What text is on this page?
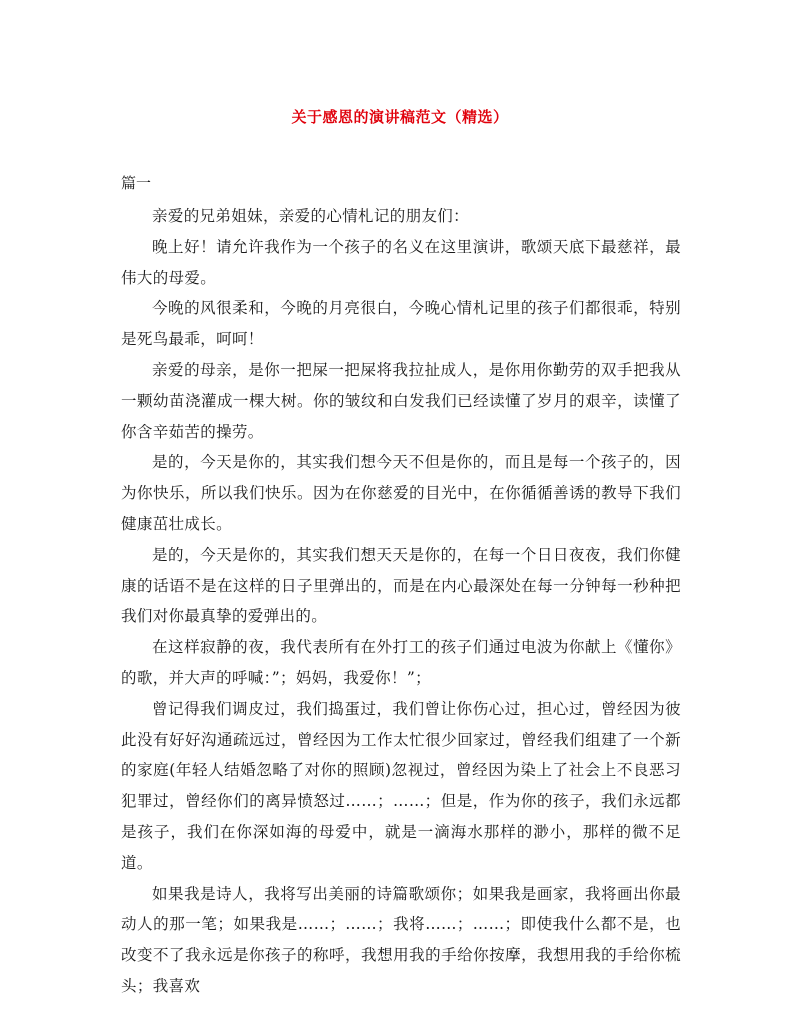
关于感恩的演讲稿范文（精选）
篇一

亲爱的兄弟姐妹，亲爱的心情札记的朋友们：

晚上好！请允许我作为一个孩子的名义在这里演讲，歌颂天底下最慈祥，最伟大的母爱。

今晚的风很柔和，今晚的月亮很白，今晚心情札记里的孩子们都很乖，特别是死鸟最乖，呵呵！

亲爱的母亲，是你一把屎一把屎将我拉扯成人，是你用你勤劳的双手把我从一颗幼苗浇灌成一棵大树。你的皱纹和白发我们已经读懂了岁月的艰辛，读懂了你含辛茹苦的操劳。

是的，今天是你的，其实我们想今天不但是你的，而且是每一个孩子的，因为你快乐，所以我们快乐。因为在你慈爱的目光中，在你循循善诱的教导下我们健康茁壮成长。

是的，今天是你的，其实我们想天天是你的，在每一个日日夜夜，我们你健康的话语不是在这样的日子里弹出的，而是在内心最深处在每一分钟每一秒种把我们对你最真挚的爱弹出的。

在这样寂静的夜，我代表所有在外打工的孩子们通过电波为你献上《懂你》的歌，并大声的呼喊：”；妈妈，我爱你！”；

曾记得我们调皮过，我们捣蛋过，我们曾让你伤心过，担心过，曾经因为彼此没有好好沟通疏远过，曾经因为工作太忙很少回家过，曾经我们组建了一个新的家庭(年轻人结婚忽略了对你的照顾)忽视过，曾经因为染上了社会上不良恶习犯罪过，曾经你们的离异愤怒过……；……；但是，作为你的孩子，我们永远都是孩子，我们在你深如海的母爱中，就是一滴海水那样的渺小，那样的微不足道。

如果我是诗人，我将写出美丽的诗篇歌颂你；如果我是画家，我将画出你最动人的那一笔；如果我是……；……；我将……；……；即使我什么都不是，也改变不了我永远是你孩子的称呼，我想用我的手给你按摩，我想用我的手给你梳头；我喜欢
